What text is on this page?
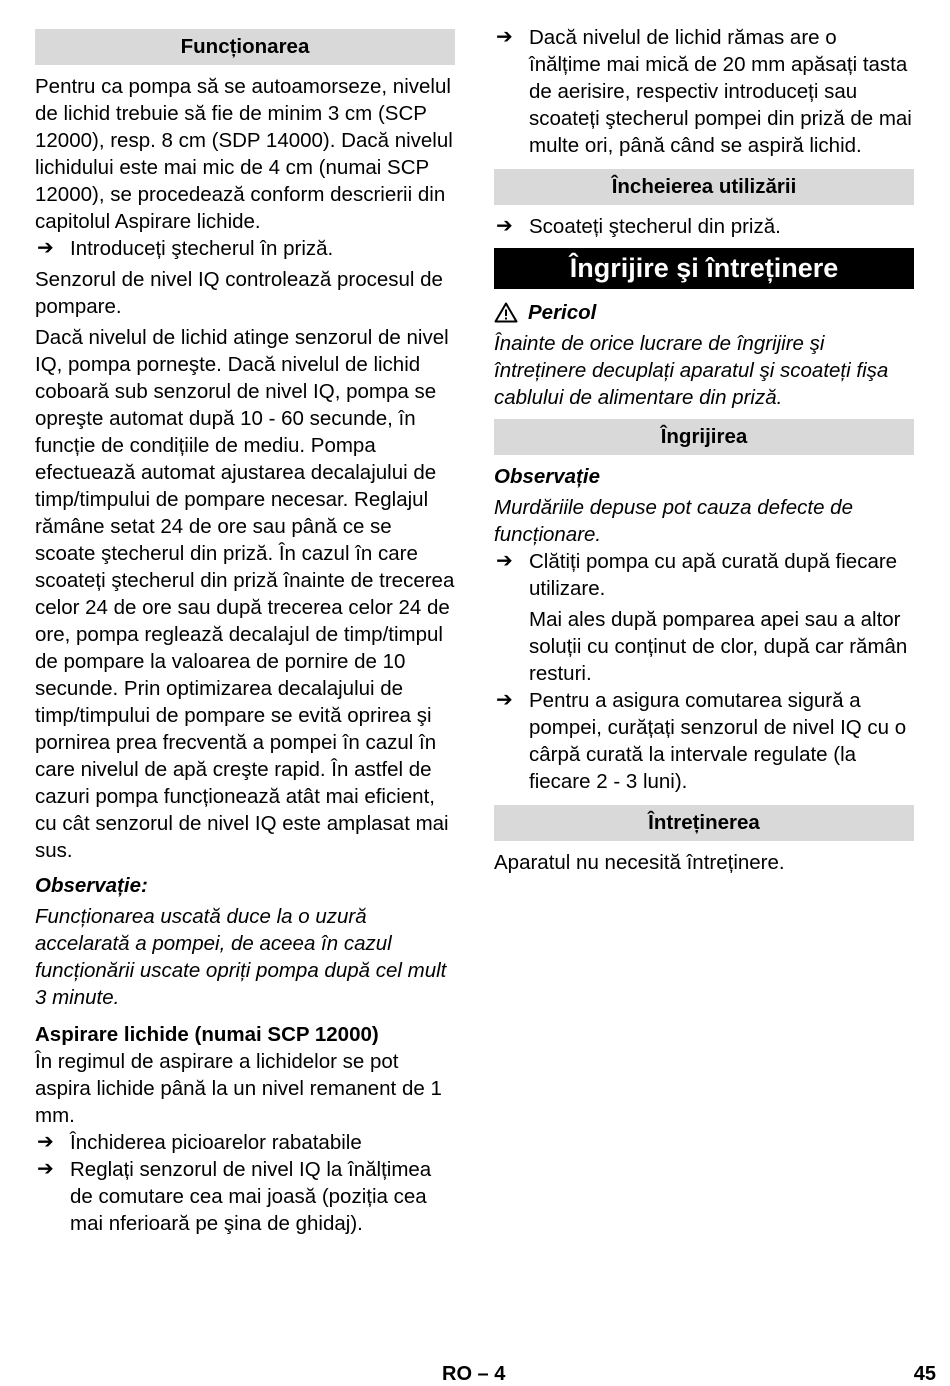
Funcționarea

Pentru ca pompa să se autoamorseze, nivelul de lichid trebuie să fie de minim 3 cm (SCP 12000), resp. 8 cm (SDP 14000). Dacă nivelul lichidului este mai mic de 4 cm (numai SCP 12000), se procedează conform descrierii din capitolul Aspirare lichide.

➔ Introduceți ştecherul în priză.

Senzorul de nivel IQ controlează procesul de pompare.

Dacă nivelul de lichid atinge senzorul de nivel IQ, pompa porneşte. Dacă nivelul de lichid coboară sub senzorul de nivel IQ, pompa se opreşte automat după 10 - 60 secunde, în funcție de condițiile de mediu. Pompa efectuează automat ajustarea decalajului de timp/timpului de pompare necesar. Reglajul rămâne setat 24 de ore sau până ce se scoate ştecherul din priză. În cazul în care scoateți ştecherul din priză înainte de trecerea celor 24 de ore sau după trecerea celor 24 de ore, pompa reglează decalajul de timp/timpul de pompare la valoarea de pornire de 10 secunde. Prin optimizarea decalajului de timp/timpului de pompare se evită oprirea şi pornirea prea frecventă a pompei în cazul în care nivelul de apă creşte rapid. În astfel de cazuri pompa funcționează atât mai eficient, cu cât senzorul de nivel IQ este amplasat mai sus.

Observație:

Funcționarea uscată duce la o uzură accelarată a pompei, de aceea în cazul funcționării uscate opriți pompa după cel mult 3 minute.

Aspirare lichide (numai SCP 12000)

În regimul de aspirare a lichidelor se pot aspira lichide până la un nivel remanent de 1 mm.

➔ Închiderea picioarelor rabatabile
➔ Reglați senzorul de nivel IQ la înălțimea de comutare cea mai joasă (poziția cea mai nferioară pe şina de ghidaj).
➔ Dacă nivelul de lichid rămas are o înălțime mai mică de 20 mm apăsați tasta de aerisire, respectiv introduceți sau scoateți ştecherul pompei din priză de mai multe ori, până când se aspiră lichid.
Încheierea utilizării
➔ Scoateți ştecherul din priză.
Îngrijire şi întreținere
Pericol

Înainte de orice lucrare de îngrijire şi întreținere decuplați aparatul şi scoateți fişa cablului de alimentare din priză.

Îngrijirea

Observație

Murdăriile depuse pot cauza defecte de funcționare.

➔ Clătiți pompa cu apă curată după fiecare utilizare.

Mai ales după pomparea apei sau a altor soluții cu conținut de clor, după car rămân resturi.

➔ Pentru a asigura comutarea sigură a pompei, curățați senzorul de nivel IQ cu o cârpă curată la intervale regulate (la fiecare 2 - 3 luni).
Întreținerea

Aparatul nu necesită întreținere.

RO – 4	45
